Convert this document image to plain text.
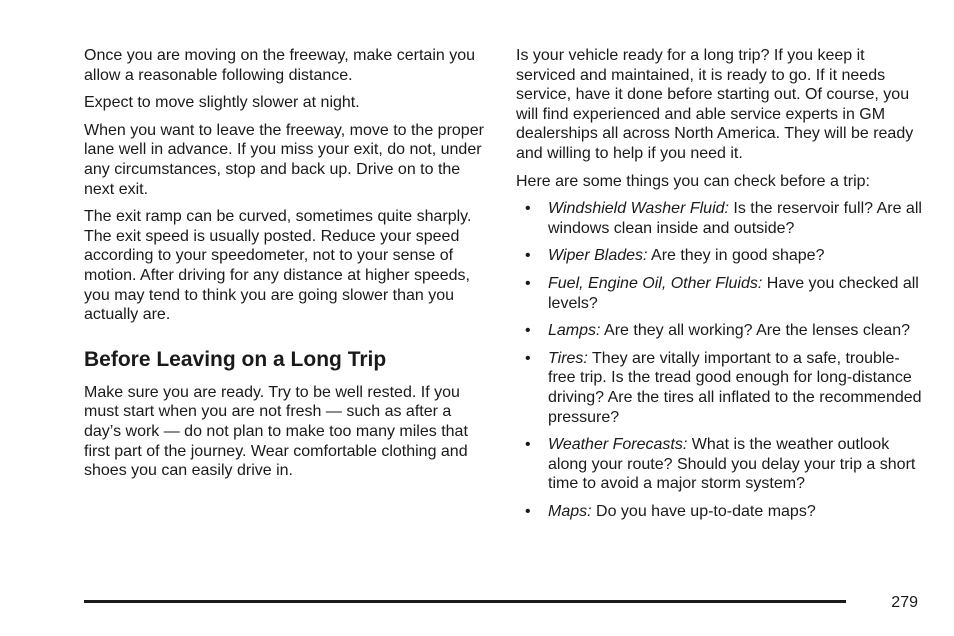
Once you are moving on the freeway, make certain you allow a reasonable following distance.

Expect to move slightly slower at night.

When you want to leave the freeway, move to the proper lane well in advance. If you miss your exit, do not, under any circumstances, stop and back up. Drive on to the next exit.

The exit ramp can be curved, sometimes quite sharply. The exit speed is usually posted. Reduce your speed according to your speedometer, not to your sense of motion. After driving for any distance at higher speeds, you may tend to think you are going slower than you actually are.

Before Leaving on a Long Trip

Make sure you are ready. Try to be well rested. If you must start when you are not fresh — such as after a day’s work — do not plan to make too many miles that first part of the journey. Wear comfortable clothing and shoes you can easily drive in.

Is your vehicle ready for a long trip? If you keep it serviced and maintained, it is ready to go. If it needs service, have it done before starting out. Of course, you will find experienced and able service experts in GM dealerships all across North America. They will be ready and willing to help if you need it.

Here are some things you can check before a trip:

• Windshield Washer Fluid: Is the reservoir full? Are all windows clean inside and outside?
• Wiper Blades: Are they in good shape?
• Fuel, Engine Oil, Other Fluids: Have you checked all levels?
• Lamps: Are they all working? Are the lenses clean?
• Tires: They are vitally important to a safe, trouble-free trip. Is the tread good enough for long-distance driving? Are the tires all inflated to the recommended pressure?
• Weather Forecasts: What is the weather outlook along your route? Should you delay your trip a short time to avoid a major storm system?
• Maps: Do you have up-to-date maps?
279
